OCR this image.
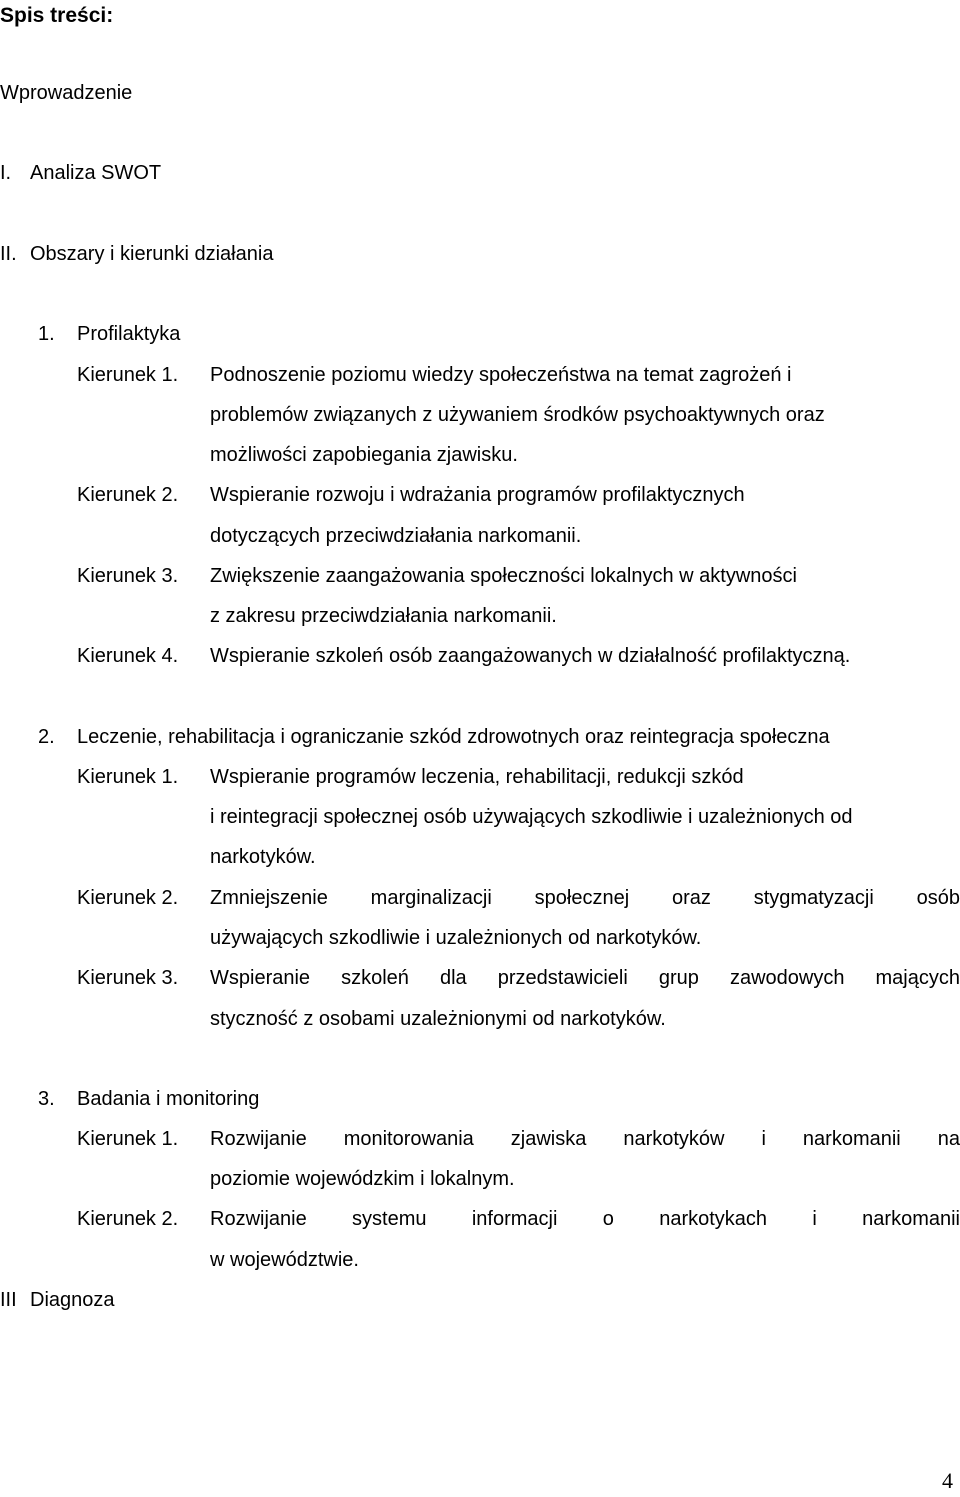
Spis treści:
Wprowadzenie
I. Analiza SWOT
II. Obszary i kierunki działania
1. Profilaktyka
Kierunek 1. Podnoszenie poziomu wiedzy społeczeństwa na temat zagrożeń i
problemów związanych z używaniem środków psychoaktywnych oraz
możliwości zapobiegania zjawisku.
Kierunek 2. Wspieranie rozwoju i wdrażania programów profilaktycznych
dotyczących przeciwdziałania narkomanii.
Kierunek 3. Zwiększenie zaangażowania społeczności lokalnych w aktywności
z zakresu przeciwdziałania narkomanii.
Kierunek 4. Wspieranie szkoleń osób zaangażowanych w działalność profilaktyczną.
2. Leczenie, rehabilitacja i ograniczanie szkód zdrowotnych oraz reintegracja społeczna
Kierunek 1. Wspieranie programów leczenia, rehabilitacji, redukcji szkód
i reintegracji społecznej osób używających szkodliwie i uzależnionych od
narkotyków.
Kierunek 2. Zmniejszenie marginalizacji społecznej oraz stygmatyzacji osób
używających szkodliwie i uzależnionych od narkotyków.
Kierunek 3. Wspieranie szkoleń dla przedstawicieli grup zawodowych mających
styczność z osobami uzależnionymi od narkotyków.
3. Badania i monitoring
Kierunek 1. Rozwijanie monitorowania zjawiska narkotyków i narkomanii na
poziomie wojewódzkim i lokalnym.
Kierunek 2. Rozwijanie systemu informacji o narkotykach i narkomanii
w województwie.
III Diagnoza
4
